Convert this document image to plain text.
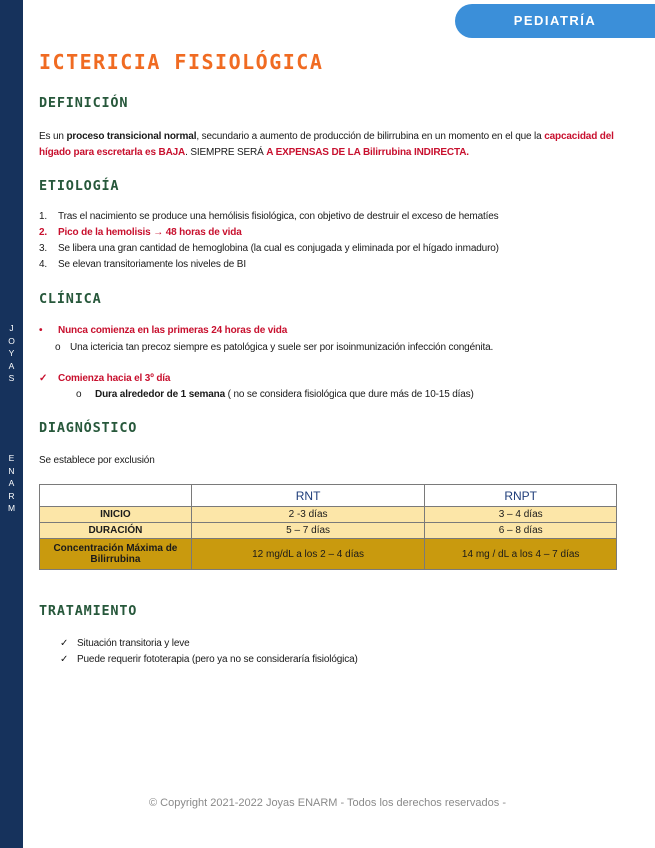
J
O
Y
A
S
E
N
A
R
M
PEDIATRÍA
ICTERICIA FISIOLÓGICA
DEFINICIÓN
Es un proceso transicional normal, secundario a aumento de producción de bilirrubina en un momento en el que la capcacidad del hígado para escretarla es BAJA. SIEMPRE SERÁ A EXPENSAS DE LA Bilirrubina INDIRECTA.
ETIOLOGÍA
1. Tras el nacimiento se produce una hemólisis fisiológica, con objetivo de destruir el exceso de hematíes
2. Pico de la hemolisis → 48 horas de vida
3. Se libera una gran cantidad de hemoglobina (la cual es conjugada y eliminada por el hígado inmaduro)
4. Se elevan transitoriamente los niveles de BI
CLÍNICA
• Nunca comienza en las primeras 24 horas de vida
o Una ictericia tan precoz siempre es patológica y suele ser por isoinmunización infección congénita.
✓ Comienza hacia el 3º día
o Dura alrededor de 1 semana ( no se considera fisiológica que dure más de 10-15 días)
DIAGNÓSTICO
Se establece por exclusión
	RNT	RNPT
INICIO	2 -3 días	3 – 4 días
DURACIÓN	5 – 7 días	6 – 8 días
Concentración Máxima de Bilirrubina	12 mg/dL a los 2 – 4 días	14 mg / dL a los 4 – 7 días
TRATAMIENTO
✓ Situación transitoria y leve
✓ Puede requerir fototerapia (pero ya no se consideraría fisiológica)
© Copyright 2021-2022 Joyas ENARM - Todos los derechos reservados -
